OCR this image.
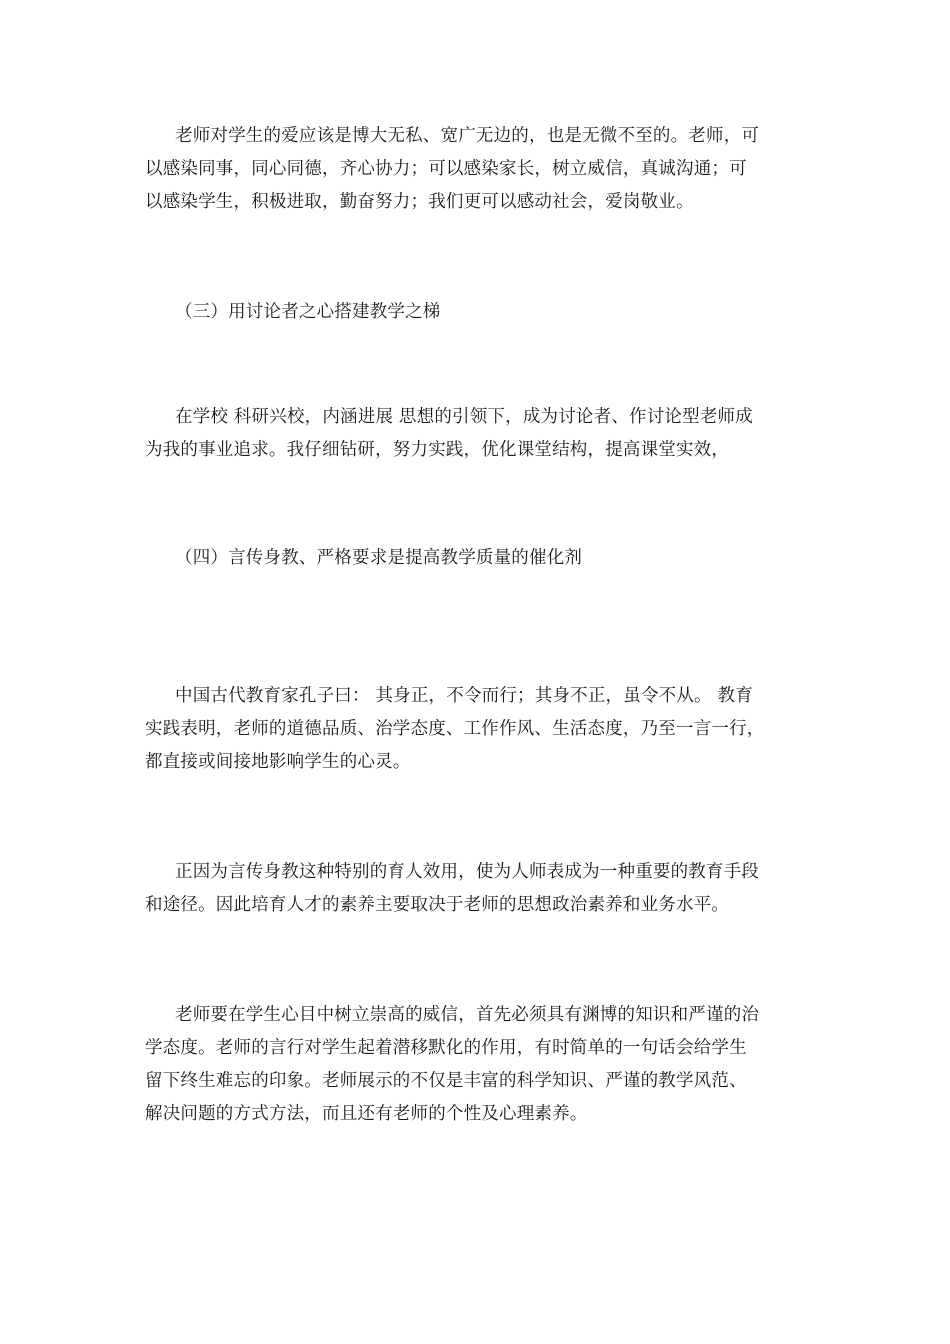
老师对学生的爱应该是博大无私、宽广无边的，也是无微不至的。老师，可
以感染同事，同心同德，齐心协力；可以感染家长，树立威信，真诚沟通；可
以感染学生，积极进取，勤奋努力；我们更可以感动社会，爱岗敬业。
（三）用讨论者之心搭建教学之梯
在学校 科研兴校，内涵进展 思想的引领下，成为讨论者、作讨论型老师成
为我的事业追求。我仔细钻研，努力实践，优化课堂结构，提高课堂实效，
（四）言传身教、严格要求是提高教学质量的催化剂
中国古代教育家孔子曰： 其身正，不令而行；其身不正，虽令不从。 教育
实践表明，老师的道德品质、治学态度、工作作风、生活态度，乃至一言一行，
都直接或间接地影响学生的心灵。
正因为言传身教这种特别的育人效用，使为人师表成为一种重要的教育手段
和途径。因此培育人才的素养主要取决于老师的思想政治素养和业务水平。
老师要在学生心目中树立崇高的威信，首先必须具有渊博的知识和严谨的治
学态度。老师的言行对学生起着潜移默化的作用，有时简单的一句话会给学生
留下终生难忘的印象。老师展示的不仅是丰富的科学知识、严谨的教学风范、
解决问题的方式方法，而且还有老师的个性及心理素养。
